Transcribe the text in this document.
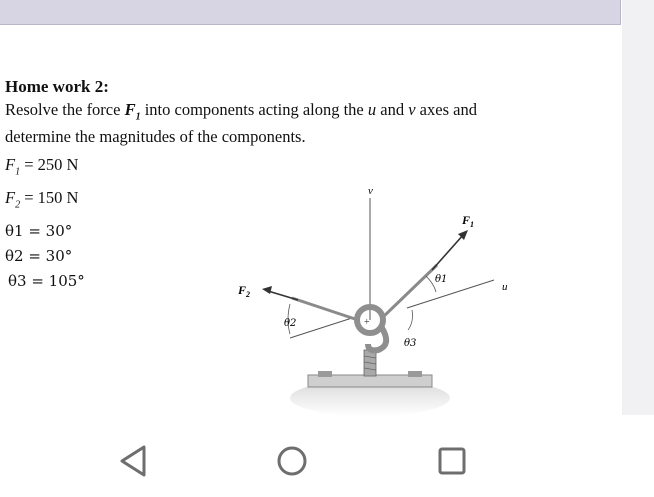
Home work 2:

Resolve the force $F_1$ into components acting along the u and v axes and
determine the magnitudes of the components.

$F_1 = 250$ N
$F_2 = 150$ N
θ1 = 30°
θ2 = 30°
θ3 = 105°
v
u
$F_1$
$F_2$
+
θ1
θ2
θ3
